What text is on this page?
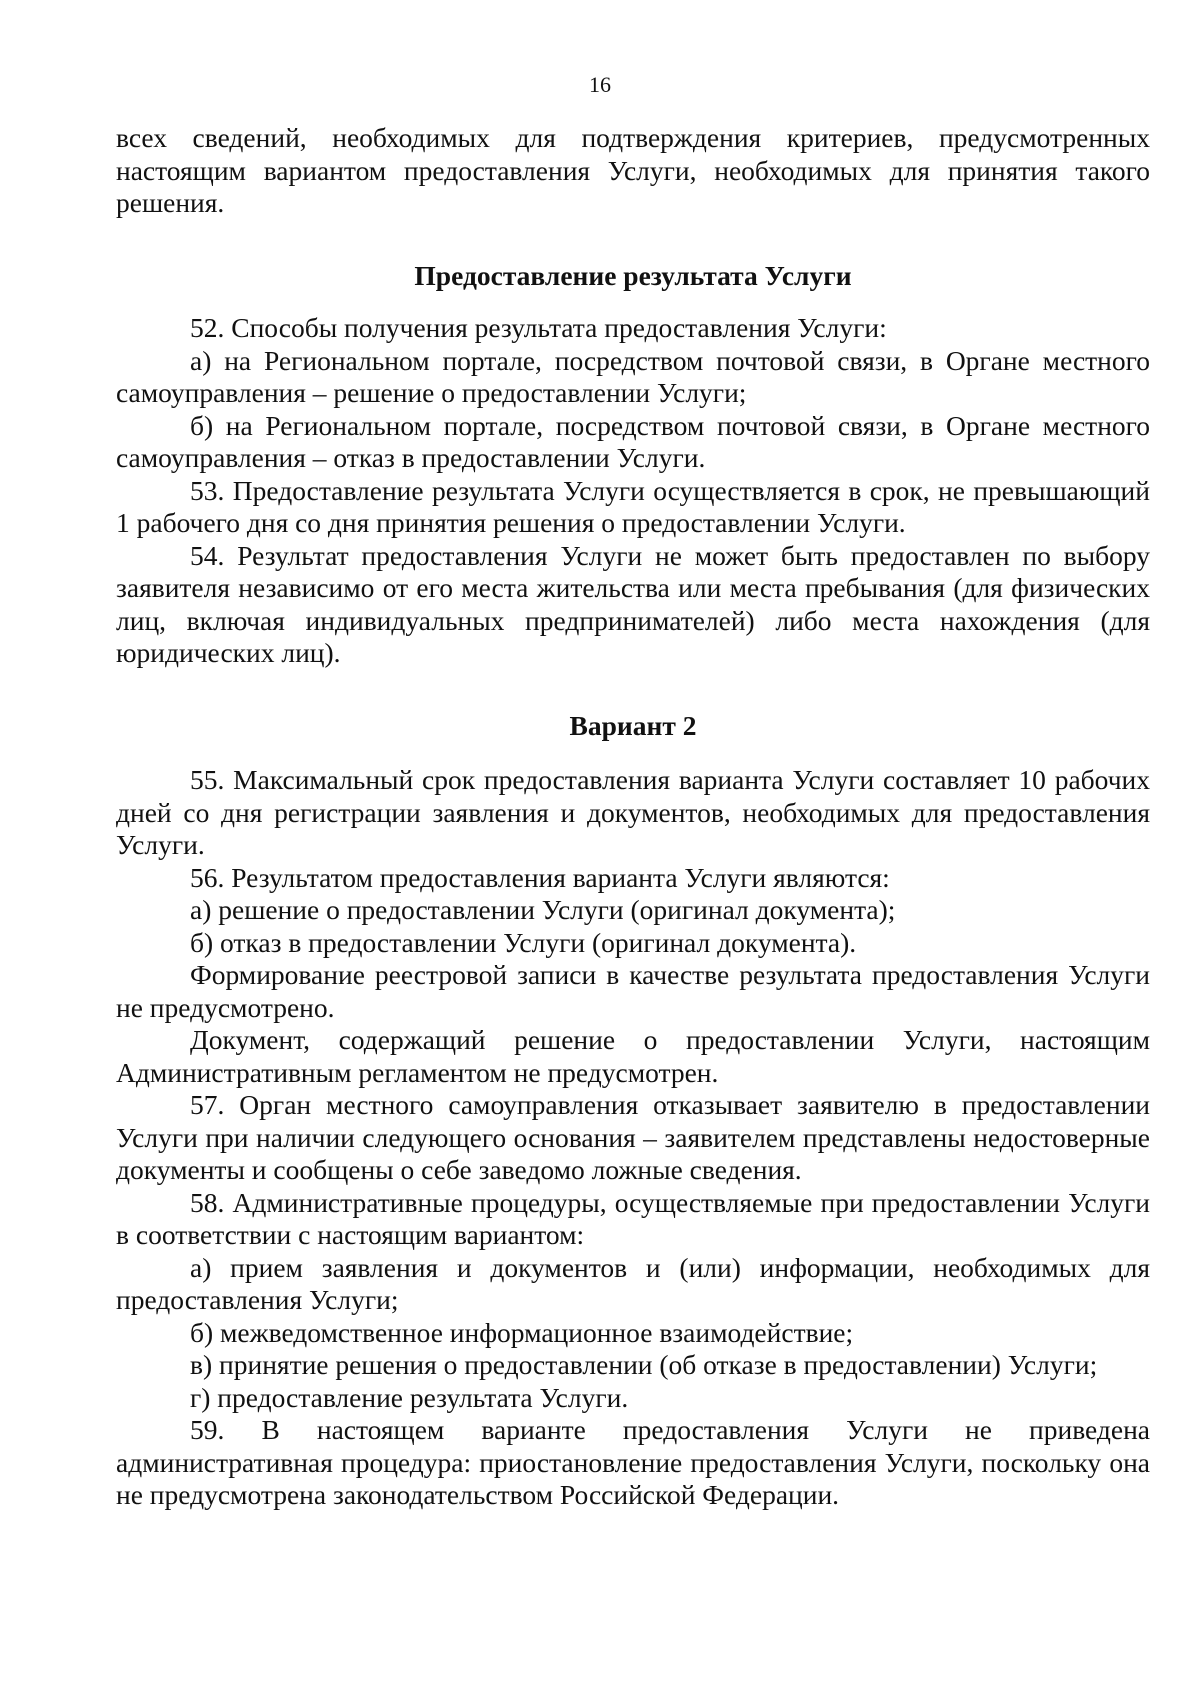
16

всех сведений, необходимых для подтверждения критериев, предусмотренных настоящим вариантом предоставления Услуги, необходимых для принятия такого решения.

Предоставление результата Услуги

52. Способы получения результата предоставления Услуги:

а) на Региональном портале, посредством почтовой связи, в Органе местного самоуправления – решение о предоставлении Услуги;

б) на Региональном портале, посредством почтовой связи, в Органе местного самоуправления – отказ в предоставлении Услуги.

53. Предоставление результата Услуги осуществляется в срок, не превышающий 1 рабочего дня со дня принятия решения о предоставлении Услуги.

54. Результат предоставления Услуги не может быть предоставлен по выбору заявителя независимо от его места жительства или места пребывания (для физических лиц, включая индивидуальных предпринимателей) либо места нахождения (для юридических лиц).

Вариант 2

55. Максимальный срок предоставления варианта Услуги составляет 10 рабочих дней со дня регистрации заявления и документов, необходимых для предоставления Услуги.

56. Результатом предоставления варианта Услуги являются:

а) решение о предоставлении Услуги (оригинал документа);

б) отказ в предоставлении Услуги (оригинал документа).

Формирование реестровой записи в качестве результата предоставления Услуги не предусмотрено.

Документ, содержащий решение о предоставлении Услуги, настоящим Административным регламентом не предусмотрен.

57. Орган местного самоуправления отказывает заявителю в предоставлении Услуги при наличии следующего основания – заявителем представлены недостоверные документы и сообщены о себе заведомо ложные сведения.

58. Административные процедуры, осуществляемые при предоставлении Услуги в соответствии с настоящим вариантом:

а) прием заявления и документов и (или) информации, необходимых для предоставления Услуги;

б) межведомственное информационное взаимодействие;

в) принятие решения о предоставлении (об отказе в предоставлении) Услуги;

г) предоставление результата Услуги.

59. В настоящем варианте предоставления Услуги не приведена административная процедура: приостановление предоставления Услуги, поскольку она не предусмотрена законодательством Российской Федерации.
